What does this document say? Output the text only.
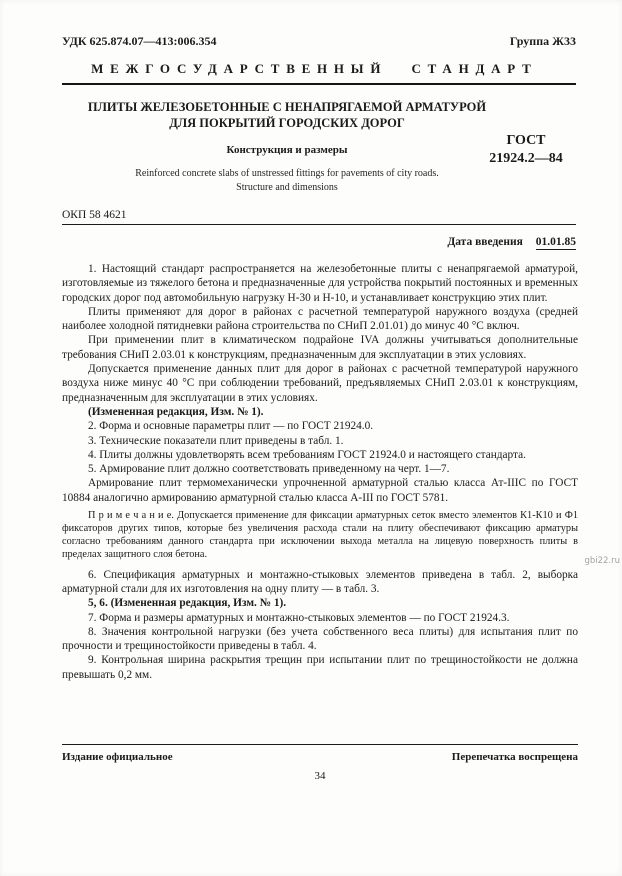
УДК 625.874.07—413:006.354	Группа Ж33
МЕЖГОСУДАРСТВЕННЫЙ СТАНДАРТ
ПЛИТЫ ЖЕЛЕЗОБЕТОННЫЕ С НЕНАПРЯГАЕМОЙ АРМАТУРОЙ
ДЛЯ ПОКРЫТИЙ ГОРОДСКИХ ДОРОГ
Конструкция и размеры
Reinforced concrete slabs of unstressed fittings for pavements of city roads.
Structure and dimensions
ГОСТ
21924.2—84
ОКП 58 4621
Дата введения 01.01.85

1. Настоящий стандарт распространяется на железобетонные плиты с ненапрягаемой арматурой, изготовляемые из тяжелого бетона и предназначенные для устройства покрытий постоянных и временных городских дорог под автомобильную нагрузку Н-30 и Н-10, и устанавливает конструкцию этих плит.

Плиты применяют для дорог в районах с расчетной температурой наружного воздуха (средней наиболее холодной пятидневки района строительства по СНиП 2.01.01) до минус 40 °С включ.

При применении плит в климатическом подрайоне IVA должны учитываться дополнительные требования СНиП 2.03.01 к конструкциям, предназначенным для эксплуатации в этих условиях.

Допускается применение данных плит для дорог в районах с расчетной температурой наружного воздуха ниже минус 40 °С при соблюдении требований, предъявляемых СНиП 2.03.01 к конструкциям, предназначенным для эксплуатации в этих условиях.

(Измененная редакция, Изм. № 1).

2. Форма и основные параметры плит — по ГОСТ 21924.0.

3. Технические показатели плит приведены в табл. 1.

4. Плиты должны удовлетворять всем требованиям ГОСТ 21924.0 и настоящего стандарта.

5. Армирование плит должно соответствовать приведенному на черт. 1—7.

Армирование плит термомеханически упрочненной арматурной сталью класса Ат-IIIС по ГОСТ 10884 аналогично армированию арматурной сталью класса А-III по ГОСТ 5781.

П р и м е ч а н и е. Допускается применение для фиксации арматурных сеток вместо элементов К1-К10 и Ф1 фиксаторов других типов, которые без увеличения расхода стали на плиту обеспечивают фиксацию арматуры согласно требованиям данного стандарта при исключении выхода металла на лицевую поверхность плиты в пределах защитного слоя бетона.

6. Спецификация арматурных и монтажно-стыковых элементов приведена в табл. 2, выборка арматурной стали для их изготовления на одну плиту — в табл. 3.

5, 6. (Измененная редакция, Изм. № 1).

7. Форма и размеры арматурных и монтажно-стыковых элементов — по ГОСТ 21924.3.

8. Значения контрольной нагрузки (без учета собственного веса плиты) для испытания плит по прочности и трещиностойкости приведены в табл. 4.

9. Контрольная ширина раскрытия трещин при испытании плит по трещиностойкости не должна превышать 0,2 мм.

Издание официальное	Перепечатка воспрещена
34
gbi22.ru
